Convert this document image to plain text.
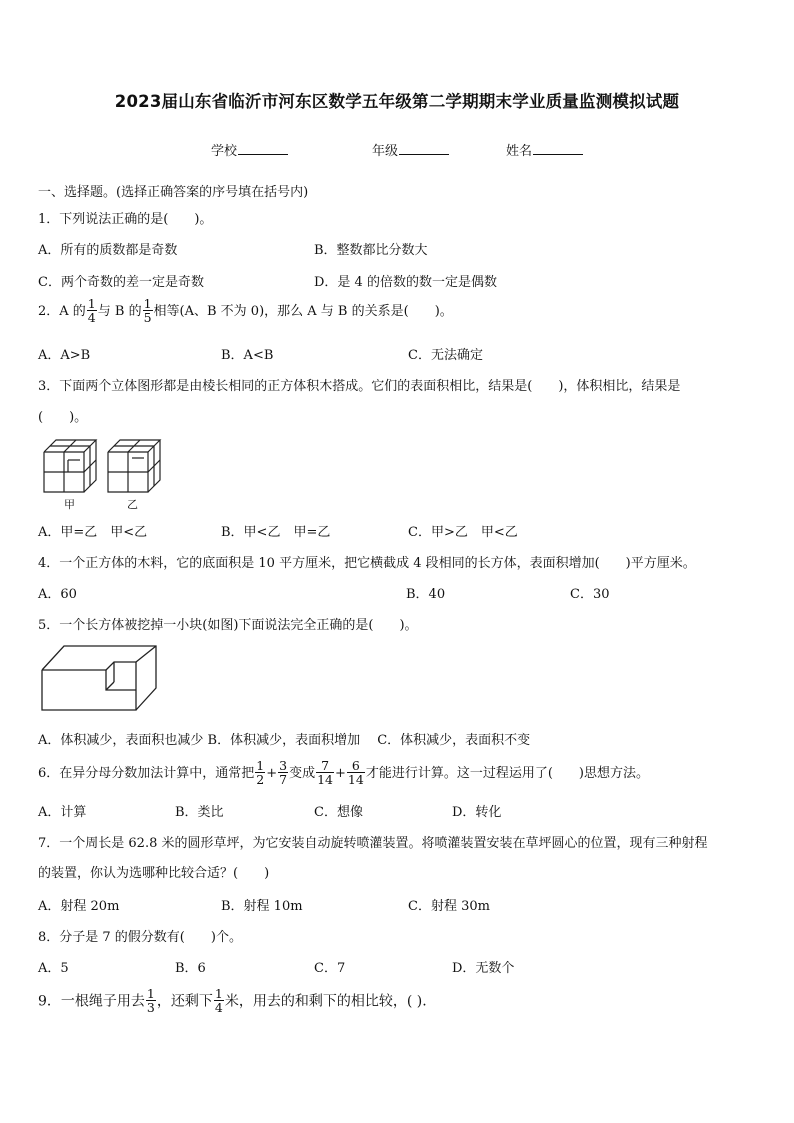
2023届山东省临沂市河东区数学五年级第二学期期末学业质量监测模拟试题
学校	年级	姓名
一、选择题。(选择正确答案的序号填在括号内)
1．下列说法正确的是(　　)。
A．所有的质数都是奇数	B．整数都比分数大
C．两个奇数的差一定是奇数	D．是 4 的倍数的数一定是偶数
2．A 的 $\frac{1}{4}$ 与 B 的 $\frac{1}{5}$ 相等(A、B 不为 0)，那么 A 与 B 的关系是(　　)。
A．A>B	B．A<B	C．无法确定
3．下面两个立体图形都是由棱长相同的正方体积木搭成。它们的表面积相比，结果是(　　)，体积相比，结果是
(　　)。
甲	乙
A．甲=乙　甲<乙	B．甲<乙　甲=乙	C．甲>乙　甲<乙
4．一个正方体的木料，它的底面积是 10 平方厘米，把它横截成 4 段相同的长方体，表面积增加(　　)平方厘米。
A．60	B．40	C．30
5．一个长方体被挖掉一小块(如图)下面说法完全正确的是(　　)。
A．体积减少，表面积也减少 B．体积减少，表面积增加　 C．体积减少，表面积不变
6．在异分母分数加法计算中，通常把 $\frac{1}{2} + \frac{3}{7}$ 变成 $\frac{7}{14} + \frac{6}{14}$ 才能进行计算。这一过程运用了(　　)思想方法。
A．计算	B．类比	C．想像	D．转化
7．一个周长是 62.8 米的圆形草坪，为它安装自动旋转喷灌装置。将喷灌装置安装在草坪圆心的位置，现有三种射程
的装置，你认为选哪种比较合适？(　　)
A．射程 20m	B．射程 10m	C．射程 30m
8．分子是 7 的假分数有(　　)个。
A．5	B．6	C．7	D．无数个
9．一根绳子用去 $\frac{1}{3}$ ，还剩下 $\frac{1}{4}$ 米，用去的和剩下的相比较，( ).
